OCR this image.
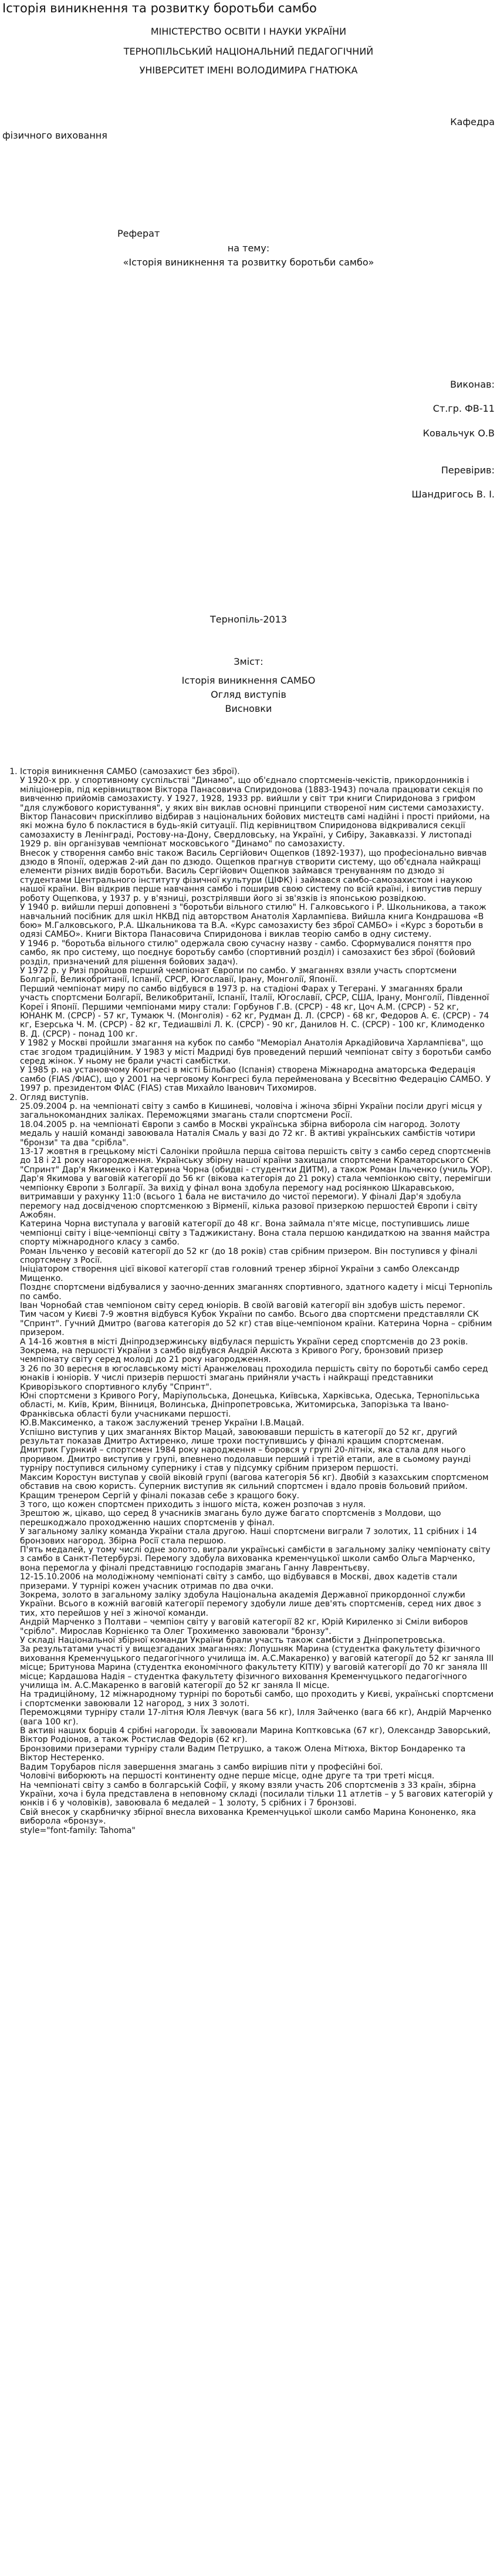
Історія виникнення та розвитку боротьби самбо
МІНІСТЕРСТВО ОСВІТИ І НАУКИ УКРАЇНИ
ТЕРНОПІЛЬСЬКИЙ НАЦІОНАЛЬНИЙ ПЕДАГОГІЧНИЙ
УНІВЕРСИТЕТ ІМЕНІ ВОЛОДИМИРА ГНАТЮКА
Кафедра
фізичного виховання
Реферат
на тему:
«Історія виникнення та розвитку боротьби самбо»
Виконав:
Ст.гр. ФВ-11
Ковальчук О.В
Перевірив:
Шандригось В. І.
Тернопіль-2013
Зміст:
Історія виникнення САМБО
Огляд виступів
Висновки

1. Історія виникнення САМБО (самозахист без зброї).

У 1920-х рр. у спортивному суспільстві "Динамо", що об'єднало спортсменів-чекістів, прикордонників і міліціонерів, під керівництвом Віктора Панасовича Спиридонова (1883-1943) почала працювати секція по вивченню прийомів самозахисту. У 1927, 1928, 1933 рр. вийшли у світ три книги Спиридонова з грифом "для службового користування", у яких він виклав основні принципи створеної ним системи самозахисту.

Віктор Панасович прискіпливо відбирав з національних бойових мистецтв самі надійні і прості прийоми, на які можна було б покластися в будь-якій ситуації. Під керівництвом Спиридонова відкривалися секції самозахисту в Ленінграді, Ростову-на-Дону, Свердловську, на Україні, у Сибіру, Закавказзі. У листопаді 1929 р. він організував чемпіонат московського "Динамо" по самозахисту.

Внесок у створення самбо вніс також Василь Сергійович Ощепков (1892-1937), що професіонально вивчав дзюдо в Японії, одержав 2-ий дан по дзюдо. Ощепков прагнув створити систему, що об'єднала найкращі елементи різних видів боротьби. Василь Сергійович Ощепков займався тренуванням по дзюдо зі студентами Центрального інституту фізичної культури (ЦІФК) і займався самбо-самозахистом і наукою нашої країни. Він відкрив перше навчання самбо і поширив свою систему по всій країні, і випустив першу роботу Ощепкова, у 1937 р. у в'язниці, розстрілявши його зі зв'язків із японською розвідкою.

У 1940 р. вийшли перші доповнені з "боротьби вільного стилю" Н. Галковського і Р. Школьникова, а також навчальний посібник для шкіл НКВД під авторством Анатолія Харлампієва. Вийшла книга Кондрашова «В бою» М.Галковського, Р.А. Шкальникова та В.А. «Курс самозахисту без зброї САМБО» і «Курс з боротьби в одязі САМБО». Книги Віктора Панасовича Спиридонова і виклав теорію самбо в одну систему.

У 1946 р. "боротьба вільного стилю" одержала свою сучасну назву - самбо. Сформувалися поняття про самбо, як про систему, що поєднує боротьбу самбо (спортивний розділ) і самозахист без зброї (бойовий розділ, призначений для рішення бойових задач).

У 1972 р. у Ризі пройшов перший чемпіонат Європи по самбо. У змаганнях взяли участь спортсмени Болгарії, Великобританії, Іспанії, СРСР, Югославії, Ірану, Монголії, Японії.

Перший чемпіонат миру по самбо відбувся в 1973 р. на стадіоні Фарах у Тегерані. У змаганнях брали участь спортсмени Болгарії, Великобританії, Іспанії, Італії, Югославії, СРСР, США, Ірану, Монголії, Південної Кореї і Японії. Першими чемпіонами миру стали: Горбунов Г.В. (СРСР) - 48 кг, Цоч А.М. (СРСР) - 52 кг, ЮНАНК М. (СРСР) - 57 кг, Тумаюк Ч. (Монголія) - 62 кг, Рудман Д. Л. (СРСР) - 68 кг, Федоров А. Є. (СРСР) - 74 кг, Езерська Ч. М. (СРСР) - 82 кг, Тедиашвілі Л. К. (СРСР) - 90 кг, Данилов Н. С. (СРСР) - 100 кг, Климоденко В. Д. (СРСР) - понад 100 кг.

У 1982 у Москві пройшли змагання на кубок по самбо "Меморіал Анатолія Аркадійовича Харлампієва", що стає згодом традиційним. У 1983 у місті Мадриді був проведений перший чемпіонат світу з боротьби самбо серед жінок. У ньому не брали участі самбістки.

У 1985 р. на установчому Конгресі в місті Більбао (Іспанія) створена Міжнародна аматорська Федерація самбо (FIAS /ФІАС), що у 2001 на черговому Конгресі була перейменована у Всесвітню Федерацію САМБО. У 1997 р. президентом ФІАС (FIAS) став Михайло Іванович Тихомиров.

2. Огляд виступів.

25.09.2004 р. на чемпіонаті світу з самбо в Кишиневі, чоловіча і жіноча збірні України посіли другі місця у загальнокомандних заліках. Переможцями змагань стали спортсмени Росії.

18.04.2005 р. на чемпіонаті Європи з самбо в Москві українська збірна виборола сім нагород. Золоту медаль у нашій команді завоювала Наталія Смаль у вазі до 72 кг. В активі українських самбістів чотири "бронзи" та два "срібла".

13-17 жовтня в грецькому місті Салоніки пройшла перша світова першість світу з самбо серед спортсменів до 18 і 21 року нагородження. Українську збірну нашої країни захищали спортсмени Краматорського СК "Спринт" Дар'я Якименко і Катерина Чорна (обидві - студентки ДИТМ), а також Роман Ільченко (училь УОР).

Дар'я Якимова у ваговій категорії до 56 кг (вікова категорія до 21 року) стала чемпіонкою світу, перемігши чемпіонку Європи з Болгарії. За вихід у фінал вона здобула перемогу над росіянкою Шкаравською, витримавши у рахунку 11:0 (всього 1 бала не вистачило до чистої перемоги). У фіналі Дар'я здобула перемогу над досвідченою спортсменкою з Вірменії, кілька разової призеркою першостей Європи і світу Ажобян.

Катерина Чорна виступала у ваговій категорії до 48 кг. Вона займала п'яте місце, поступившись лише чемпіонці світу і віце-чемпіонці світу з Таджикистану. Вона стала першою кандидаткою на звання майстра спорту міжнародного класу з самбо.

Роман Ільченко у весовій категорії до 52 кг (до 18 років) став срібним призером. Він поступився у фіналі спортсмену з Росії.

Ініціатором створення цієї вікової категорії став головний тренер збірної України з самбо Олександр Мищенко.

Позднє спортсмени відбувалися у заочно-денних змаганнях спортивного, здатного кадету і місці Тернопіль по самбо.

Іван Чорнобай став чемпіоном світу серед юніорів. В своїй ваговій категорії він здобув шість перемог.

Тим часом у Києві 7-9 жовтня відбувся Кубок України по самбо. Всього два спортсмени представляли СК "Спринт". Гучний Дмитро (вагова категорія до 52 кг) став віце-чемпіоном країни. Катерина Чорна – срібним призером.

А 14-16 жовтня в місті Дніпродзержинську відбулася першість України серед спортсменів до 23 років. Зокрема, на першості України з самбо відбувся Андрій Аксюта з Кривого Рогу, бронзовий призер чемпіонату світу серед молоді до 21 року нагородження.

3 26 по 30 вересня в югославському місті Аранжеловац проходила першість світу по боротьбі самбо серед юнаків і юніорів. У числі призерів першості змагань прийняли участь і найкращі представники Криворізького спортивного клубу "Спринт".

Юні спортсмени з Кривого Рогу, Маріупольська, Донецька, Київська, Харківська, Одеська, Тернопільська області, м. Київ, Крим, Вінниця, Волинська, Дніпропетровська, Житомирська, Запорізька та Івано-Франківська області були учасниками першості.

Ю.В.Максименко, а також заслужений тренер України І.В.Мацай.

Успішно виступив у цих змаганнях Віктор Мацай, завоювавши першість в категорії до 52 кг, другий результат показав Дмитро Ахтиренко, лише трохи поступившись у фіналі кращим спортсменам.

Дмитрик Гурнкий – спортсмен 1984 року народження – боровся у групі 20-літніх, яка стала для нього проривом. Дмитро виступив у групі, впевнено подолавши перший і третій етапи, але в сьомому раунді турніру поступився сильному супернику і став у підсумку срібним призером першості.

Максим Коростун виступав у своїй віковій групі (вагова категорія 56 кг). Двобій з казахським спортсменом обставив на свою користь. Суперник виступив як сильний спортсмен і вдало провів больовий прийом.

Кращим тренером Сергій у фіналі показав себе з кращого боку.

З того, що кожен спортсмен приходить з іншого міста, кожен розпочав з нуля.

Зрештою ж, цікаво, що серед 8 учасників змагань було дуже багато спортсменів з Молдови, що перешкоджало проходженню наших спортсменів у фінал.

У загальному заліку команда України стала другою. Наші спортсмени виграли 7 золотих, 11 срібних і 14 бронзових нагород. Збірна Росії стала першою.

П'ять медалей, у тому числі одне золото, виграли українські самбісти в загальному заліку чемпіонату світу з самбо в Санкт-Петербурзі. Перемогу здобула вихованка кременчуцької школи самбо Ольга Марченко, вона перемогла у фіналі представницю господарів змагань Ганну Лаврентьєву.

12-15.10.2006 на молодіжному чемпіонаті світу з самбо, що відбувався в Москві, двох кадетів стали призерами. У турнірі кожен учасник отримав по два очки.

Зокрема, золото в загальному заліку здобула Національна академія Державної прикордонної служби України. Всього в кожній ваговій категорії перемогу здобули лише дев'ять спортсменів, серед них двоє з тих, хто перейшов у неї з жіночої команди.

Андрій Марченко з Полтави – чемпіон світу у ваговій категорії 82 кг, Юрій Кириленко зі Сміли виборов "срібло". Мирослав Корнієнко та Олег Трохименко завоювали "бронзу".

У складі Національної збірної команди України брали участь також самбісти з Дніпропетровська.

За результатами участі у вищезгаданих змаганнях: Лопушняк Марина (студентка факультету фізичного виховання Кременчуцького педагогічного училища ім. А.С.Макаренко) у ваговій категорії до 52 кг заняла III місце; Бритунова Марина (студентка економічного факультету КІТІУ) у ваговій категорії до 70 кг заняла III місце; Кардашова Надія – студентка факультету фізичного виховання Кременчуцького педагогічного училища ім. А.С.Макаренко в ваговій категорії до 52 кг заняла ІІ місце.

На традиційному, 12 міжнародному турнірі по боротьбі самбо, що проходить у Києві, українські спортсмени і спортсменки завоювали 12 нагород, з них 3 золоті.

Переможцями турніру стали 17-літня Юля Левчук (вага 56 кг), Ілля Зайченко (вага 66 кг), Андрій Марченко (вага 100 кг).

В активі наших борців 4 срібні нагороди. Їх завоювали Марина Коптковська (67 кг), Олександр Заворський, Віктор Родіонов, а також Ростислав Федорів (62 кг).

Бронзовими призерами турніру стали Вадим Петрушко, а також Олена Мітюха, Віктор Бондаренко та Віктор Нестеренко.

Вадим Торубаров після завершення змагань з самбо вирішив піти у професійні бої.

Чоловічі виборюють на першості континенту одне перше місце, одне друге та три треті місця.

На чемпіонаті світу з самбо в болгарській Софії, у якому взяли участь 206 спортсменів з 33 країн, збірна України, хоча і була представлена в неповному складі (посилали тільки 11 атлетів – у 5 вагових категорій у юнків і 6 у чоловіків), завоювала 6 медалей – 1 золоту, 5 срібних і 7 бронзові.

Свій внесок у скарбничку збірної внесла вихованка Кременчуцької школи самбо Марина Кононенко, яка виборола «бронзу».

style="font-family: Tahoma"
